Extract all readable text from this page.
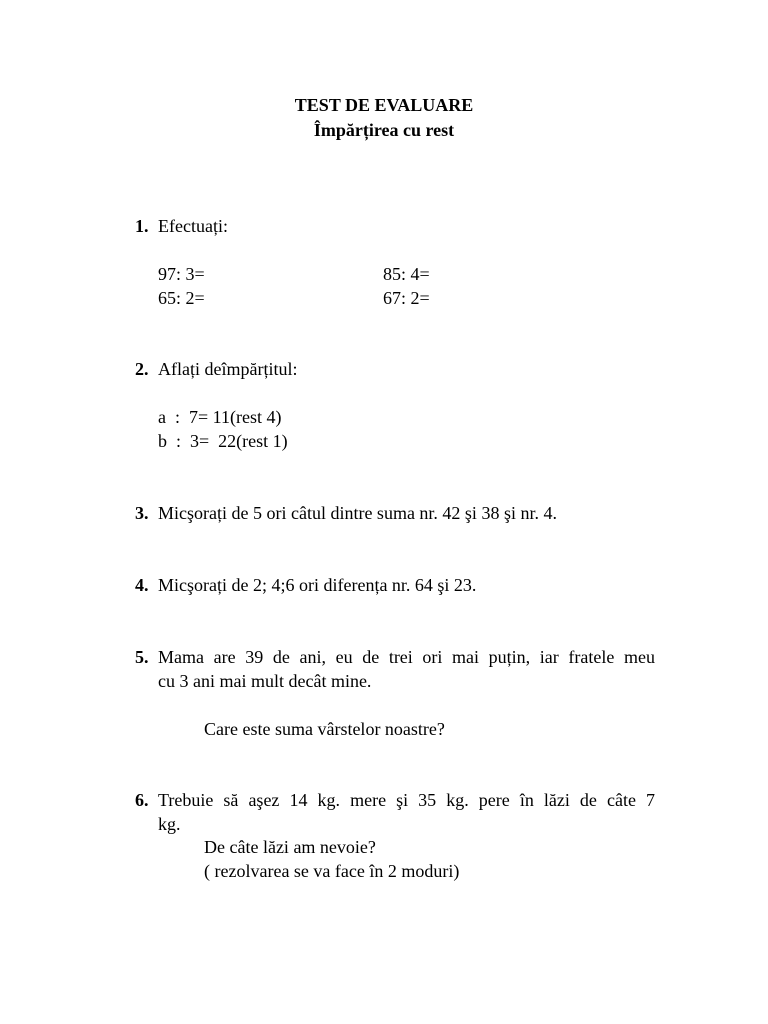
TEST DE EVALUARE
Împărțirea cu rest
1. Efectuați:
97: 3=	85: 4=
65: 2=	67: 2=
2. Aflați deîmpărțitul:
a  :  7= 11(rest 4)
b  :  3=  22(rest 1)
3. Micşorați de 5 ori câtul dintre suma nr. 42 şi 38 şi nr. 4.
4. Micşorați de 2; 4;6 ori diferența nr. 64 şi 23.
5. Mama are 39 de ani, eu de trei ori mai puțin, iar fratele meu
cu 3 ani mai mult decât mine.
Care este suma vârstelor noastre?
6. Trebuie să aşez 14 kg. mere şi 35 kg. pere în lăzi de câte 7
kg.
De câte lăzi am nevoie?
( rezolvarea se va face în 2 moduri)
